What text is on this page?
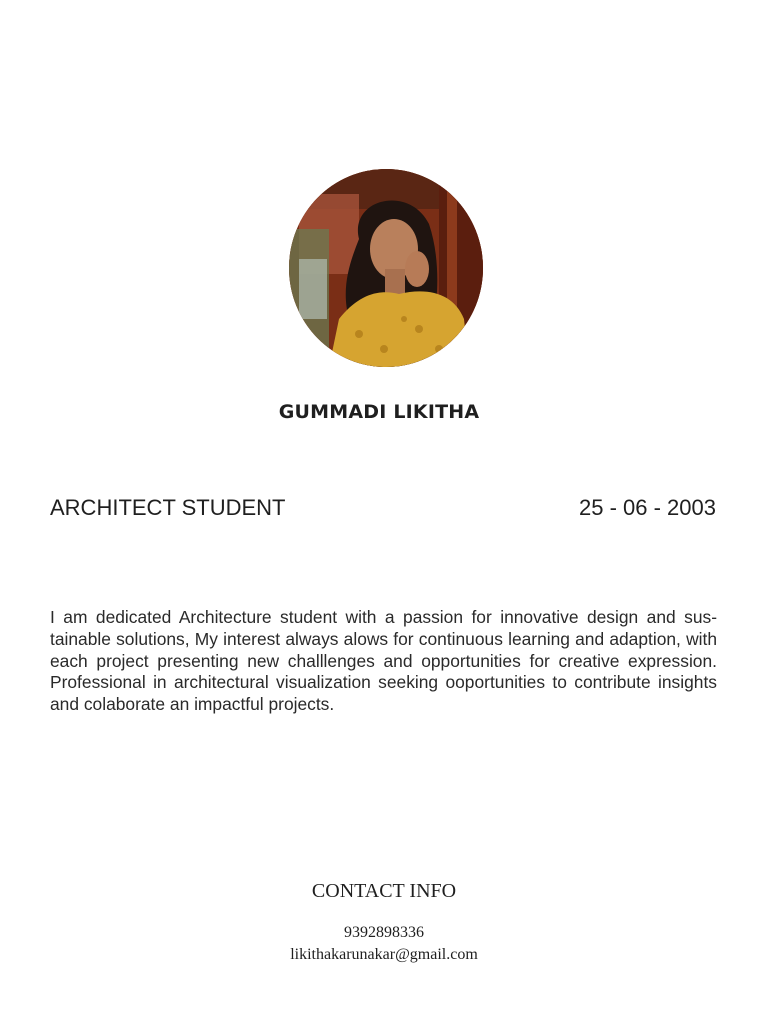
GUMMADI LIKITHA
ARCHITECT STUDENT	25 - 06 - 2003
I am dedicated Architecture student with a passion for innovative design and sustainable solutions, My interest always alows for continuous learning and adaption, with each project presenting new challlenges and opportunities for creative expression. Professional in architectural visualization seeking ooportunities to contribute insights and colaborate an impactful projects.
CONTACT INFO
9392898336
likithakarunakar@gmail.com
